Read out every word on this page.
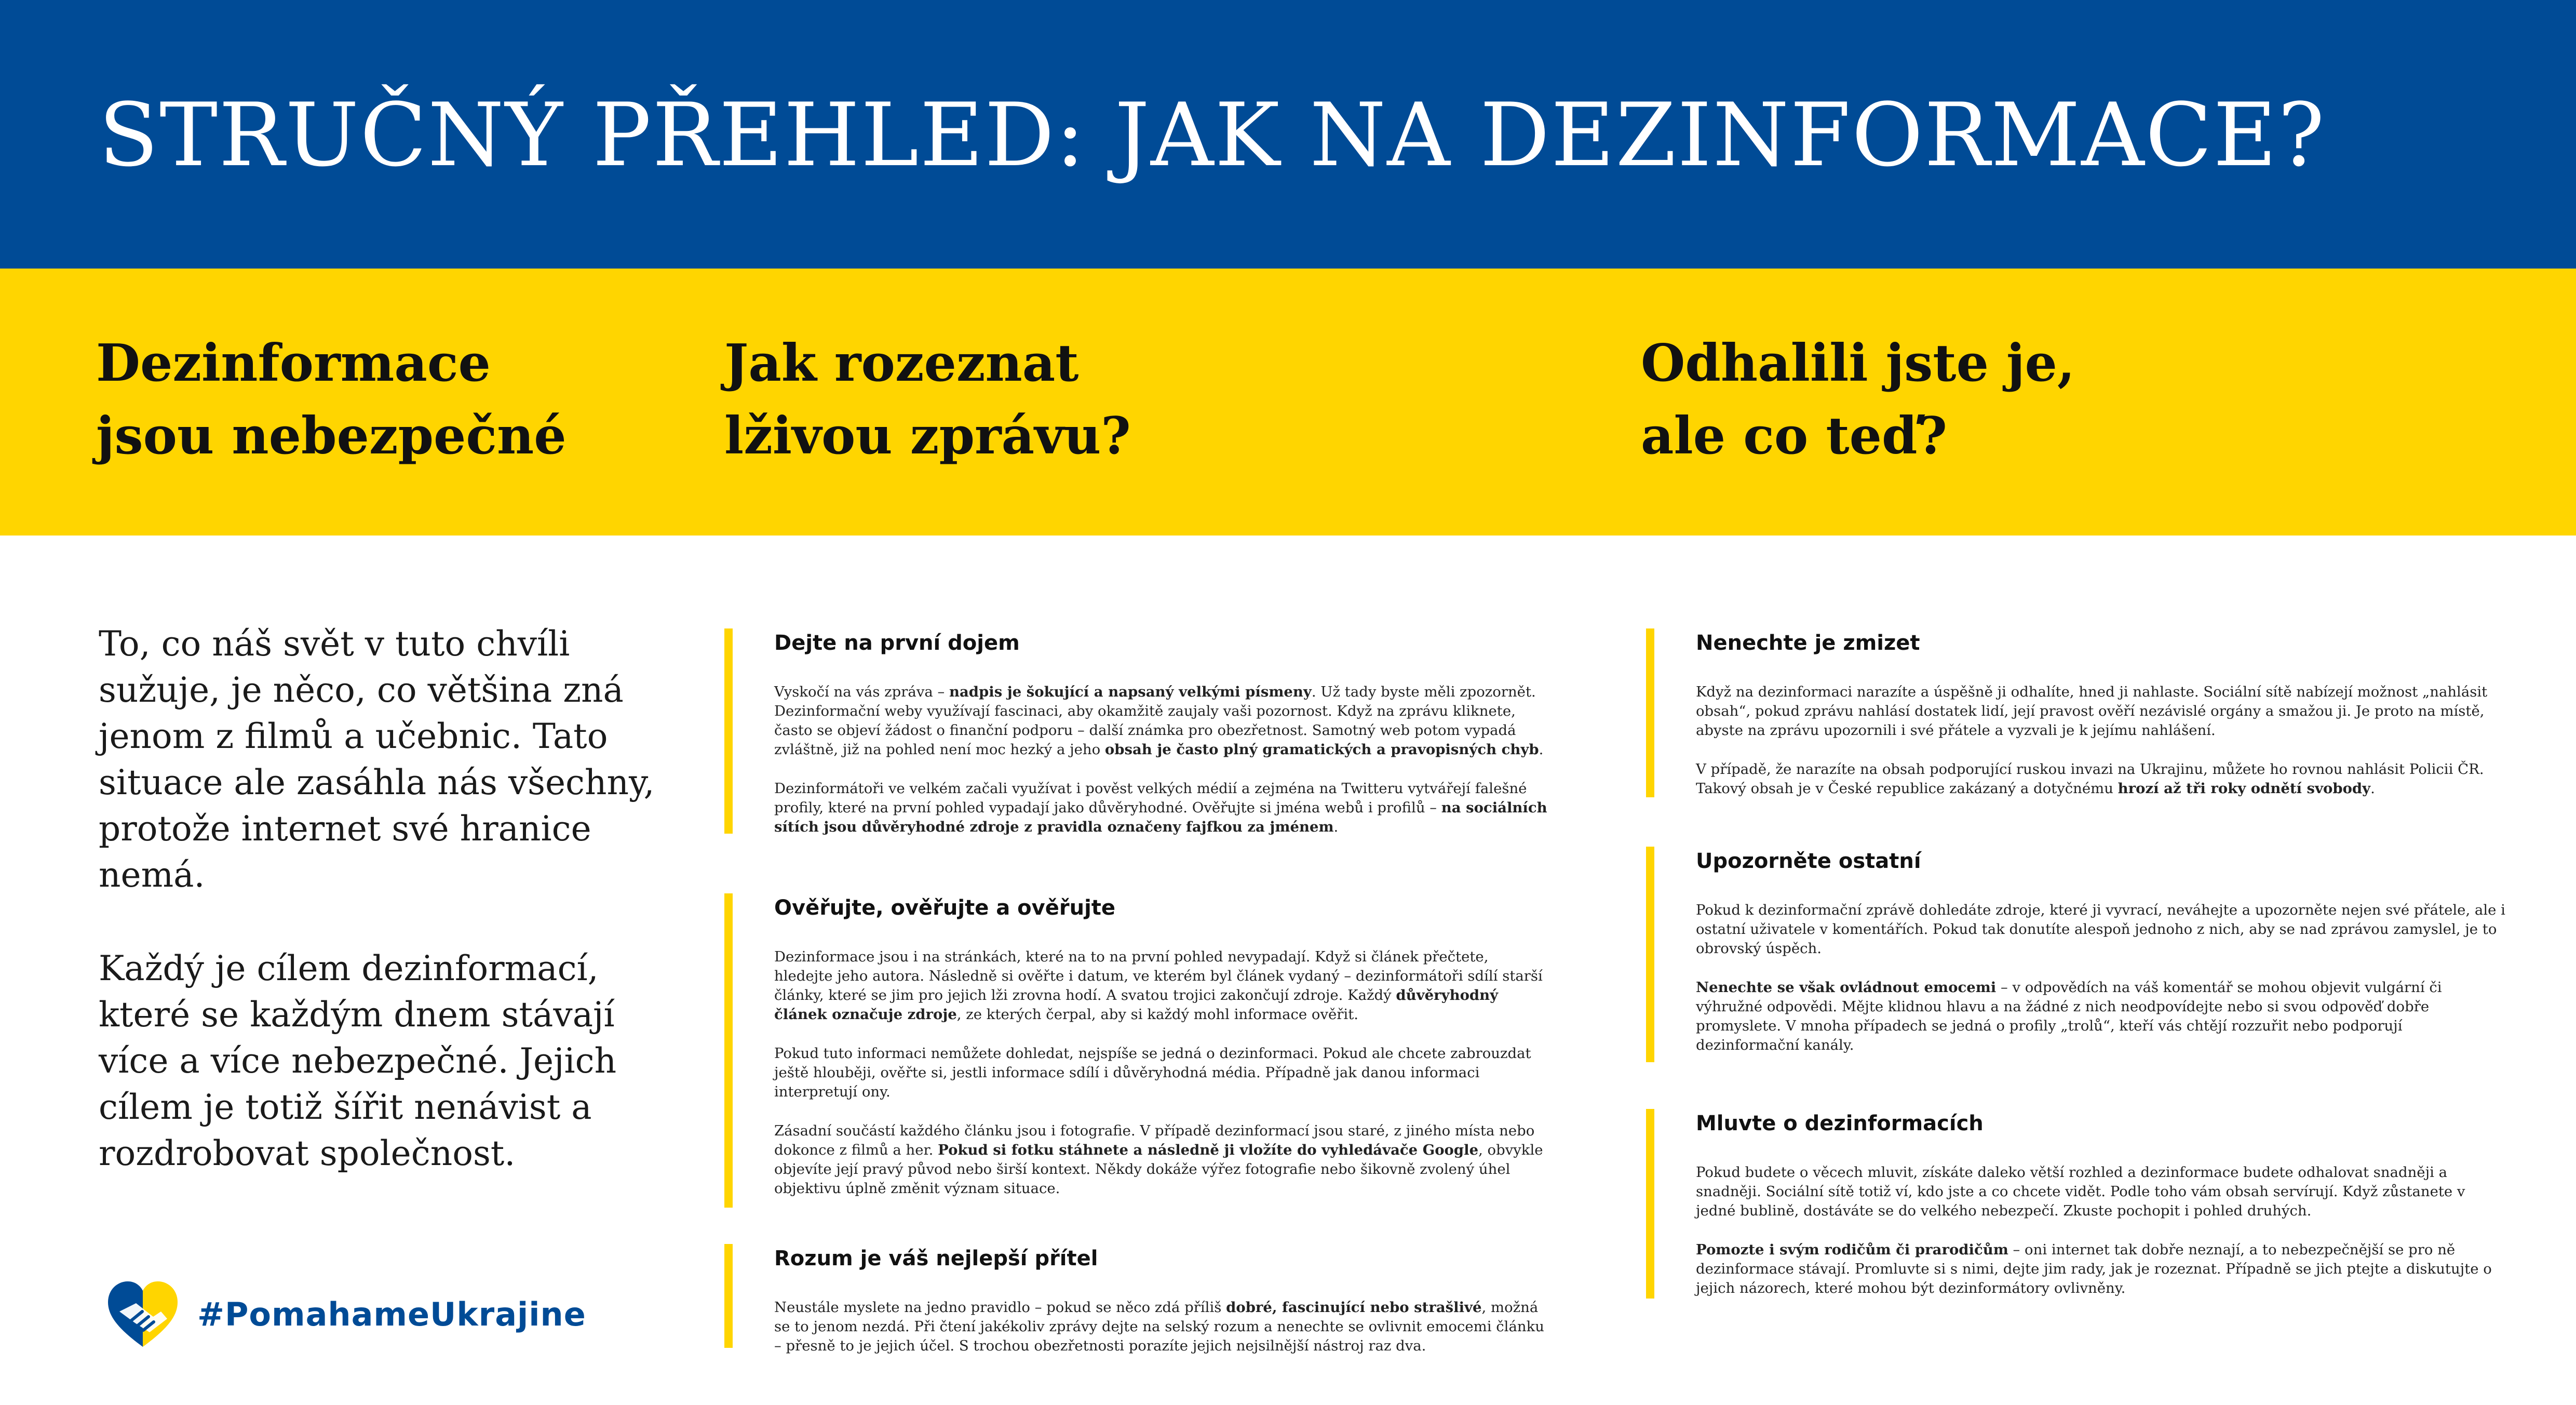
STRUČNÝ PŘEHLED: JAK NA DEZINFORMACE?
Dezinformace
jsou nebezpečné
Jak rozeznat
lživou zprávu?
Odhalili jste je,
ale co teď?

To, co náš svět v tuto chvíli sužuje, je něco, co většina zná jenom z filmů a učebnic. Tato situace ale zasáhla nás všechny, protože internet své hranice nemá.

Každý je cílem dezinformací, které se každým dnem stávají více a více nebezpečné. Jejich cílem je totiž šířit nenávist a rozdrobovat společnost.

Dejte na první dojem

Vyskočí na vás zpráva – nadpis je šokující a napsaný velkými písmeny. Už tady byste měli zpozornět. Dezinformační weby využívají fascinaci, aby okamžitě zaujaly vaši pozornost. Když na zprávu kliknete, často se objeví žádost o finanční podporu – další známka pro obezřetnost. Samotný web potom vypadá zvláštně, již na pohled není moc hezký a jeho obsah je často plný gramatických a pravopisných chyb.

Dezinformátoři ve velkém začali využívat i pověst velkých médií a zejména na Twitteru vytvářejí falešné profily, které na první pohled vypadají jako důvěryhodné. Ověřujte si jména webů i profilů – na sociálních sítích jsou důvěryhodné zdroje z pravidla označeny fajfkou za jménem.

Ověřujte, ověřujte a ověřujte

Dezinformace jsou i na stránkách, které na to na první pohled nevypadají. Když si článek přečtete, hledejte jeho autora. Následně si ověřte i datum, ve kterém byl článek vydaný – dezinformátoři sdílí starší články, které se jim pro jejich lži zrovna hodí. A svatou trojici zakončují zdroje. Každý důvěryhodný článek označuje zdroje, ze kterých čerpal, aby si každý mohl informace ověřit.

Pokud tuto informaci nemůžete dohledat, nejspíše se jedná o dezinformaci. Pokud ale chcete zabrouzdat ještě hlouběji, ověřte si, jestli informace sdílí i důvěryhodná média. Případně jak danou informaci interpretují ony.

Zásadní součástí každého článku jsou i fotografie. V případě dezinformací jsou staré, z jiného místa nebo dokonce z filmů a her. Pokud si fotku stáhnete a následně ji vložíte do vyhledávače Google, obvykle objevíte její pravý původ nebo širší kontext. Někdy dokáže výřez fotografie nebo šikovně zvolený úhel objektivu úplně změnit význam situace.

Rozum je váš nejlepší přítel

Neustále myslete na jedno pravidlo – pokud se něco zdá příliš dobré, fascinující nebo strašlivé, možná se to jenom nezdá. Při čtení jakékoliv zprávy dejte na selský rozum a nenechte se ovlivnit emocemi článku – přesně to je jejich účel. S trochou obezřetnosti porazíte jejich nejsilnější nástroj raz dva.

Nenechte je zmizet

Když na dezinformaci narazíte a úspěšně ji odhalíte, hned ji nahlaste. Sociální sítě nabízejí možnost „nahlásit obsah“, pokud zprávu nahlásí dostatek lidí, její pravost ověří nezávislé orgány a smažou ji. Je proto na místě, abyste na zprávu upozornili i své přátele a vyzvali je k jejímu nahlášení.

V případě, že narazíte na obsah podporující ruskou invazi na Ukrajinu, můžete ho rovnou nahlásit Policii ČR. Takový obsah je v České republice zakázaný a dotyčnému hrozí až tři roky odnětí svobody.

Upozorněte ostatní

Pokud k dezinformační zprávě dohledáte zdroje, které ji vyvrací, neváhejte a upozorněte nejen své přátele, ale i ostatní uživatele v komentářích. Pokud tak donutíte alespoň jednoho z nich, aby se nad zprávou zamyslel, je to obrovský úspěch.

Nenechte se však ovládnout emocemi – v odpovědích na váš komentář se mohou objevit vulgární či výhružné odpovědi. Mějte klidnou hlavu a na žádné z nich neodpovídejte nebo si svou odpověď dobře promyslete. V mnoha případech se jedná o profily „trolů“, kteří vás chtějí rozzuřit nebo podporují dezinformační kanály.

Mluvte o dezinformacích

Pokud budete o věcech mluvit, získáte daleko větší rozhled a dezinformace budete odhalovat snadněji a snadněji. Sociální sítě totiž ví, kdo jste a co chcete vidět. Podle toho vám obsah servírují. Když zůstanete v jedné bublině, dostáváte se do velkého nebezpečí. Zkuste pochopit i pohled druhých.

Pomozte i svým rodičům či prarodičům – oni internet tak dobře neznají, a to nebezpečnější se pro ně dezinformace stávají. Promluvte si s nimi, dejte jim rady, jak je rozeznat. Případně se jich ptejte a diskutujte o jejich názorech, které mohou být dezinformátory ovlivněny.

#PomahameUkrajine
